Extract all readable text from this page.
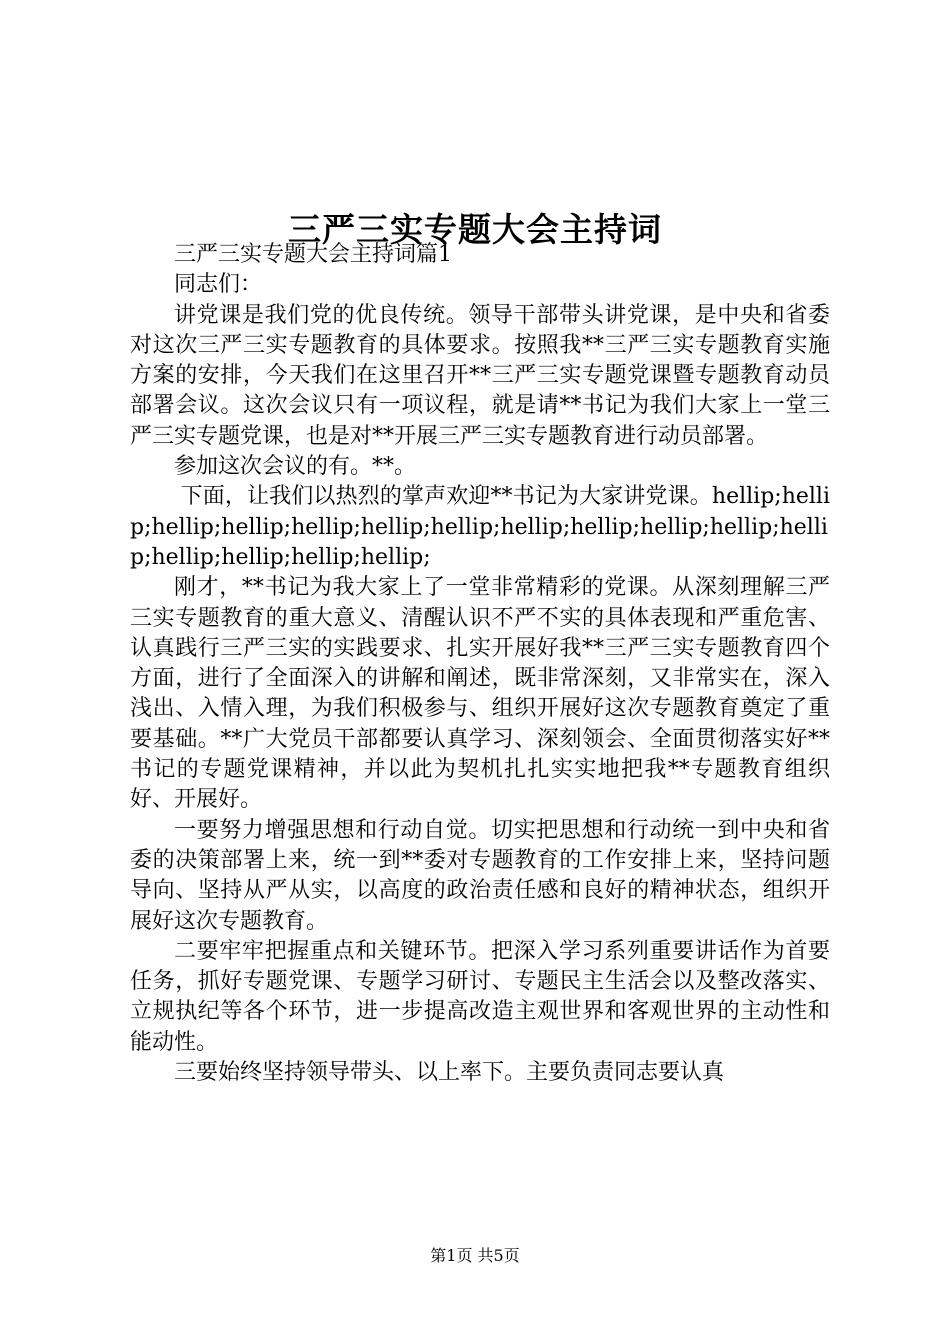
三严三实专题大会主持词

三严三实专题大会主持词篇1

同志们：

讲党课是我们党的优良传统。领导干部带头讲党课，是中央和省委对这次三严三实专题教育的具体要求。按照我**三严三实专题教育实施方案的安排，今天我们在这里召开**三严三实专题党课暨专题教育动员部署会议。这次会议只有一项议程，就是请**书记为我们大家上一堂三严三实专题党课，也是对**开展三严三实专题教育进行动员部署。

参加这次会议的有。**。

下面，让我们以热烈的掌声欢迎**书记为大家讲党课。hellip;hellip;hellip;hellip;hellip;hellip;hellip;hellip;hellip;hellip;hellip;hellip;hellip;hellip;hellip;hellip;

刚才，**书记为我大家上了一堂非常精彩的党课。从深刻理解三严三实专题教育的重大意义、清醒认识不严不实的具体表现和严重危害、认真践行三严三实的实践要求、扎实开展好我**三严三实专题教育四个方面，进行了全面深入的讲解和阐述，既非常深刻，又非常实在，深入浅出、入情入理，为我们积极参与、组织开展好这次专题教育奠定了重要基础。**广大党员干部都要认真学习、深刻领会、全面贯彻落实好**书记的专题党课精神，并以此为契机扎扎实实地把我**专题教育组织好、开展好。

一要努力增强思想和行动自觉。切实把思想和行动统一到中央和省委的决策部署上来，统一到**委对专题教育的工作安排上来，坚持问题导向、坚持从严从实，以高度的政治责任感和良好的精神状态，组织开展好这次专题教育。

二要牢牢把握重点和关键环节。把深入学习系列重要讲话作为首要任务，抓好专题党课、专题学习研讨、专题民主生活会以及整改落实、立规执纪等各个环节，进一步提高改造主观世界和客观世界的主动性和能动性。

三要始终坚持领导带头、以上率下。主要负责同志要认真

第1页 共5页
